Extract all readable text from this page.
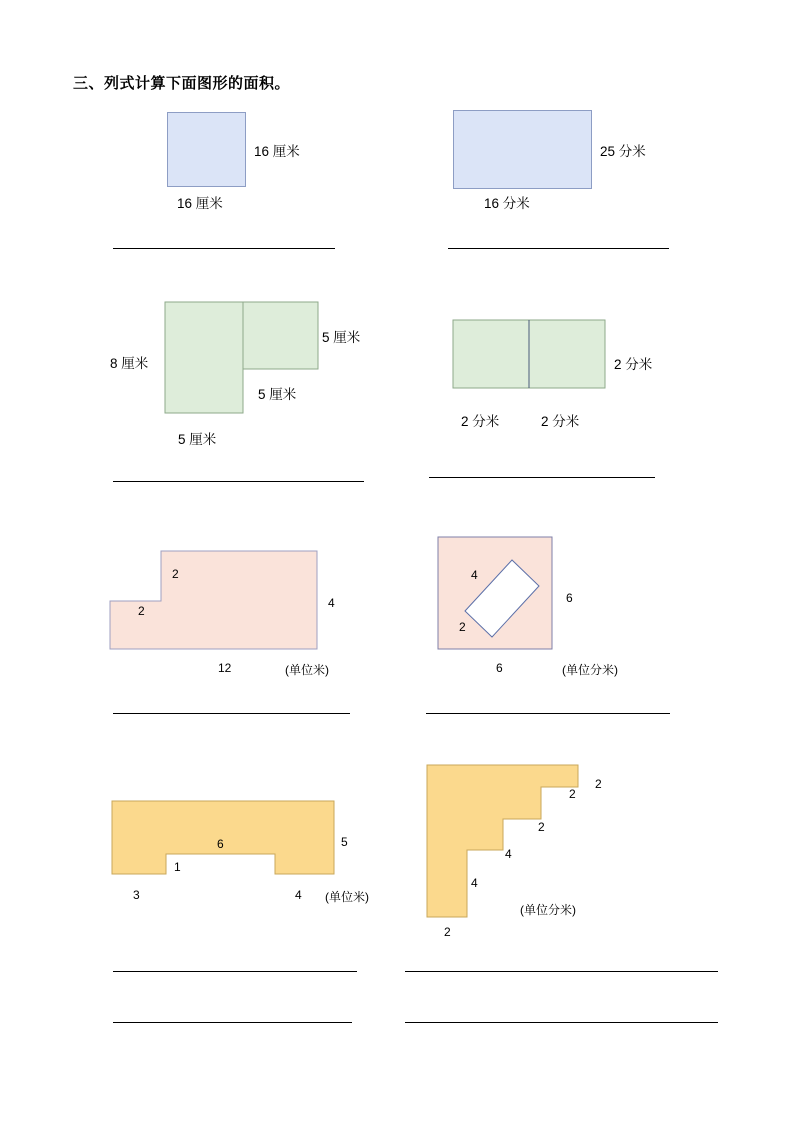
三、列式计算下面图形的面积。
16 厘米
16 厘米
25 分米
16 分米
8 厘米
5 厘米
5 厘米
5 厘米
2 分米
2 分米	2 分米
2
2
4
12	(单位米)
4
2
6
6	(单位分米)
6
1
5
3	4 (单位米)
2
2
2
4
4
2
(单位分米)
